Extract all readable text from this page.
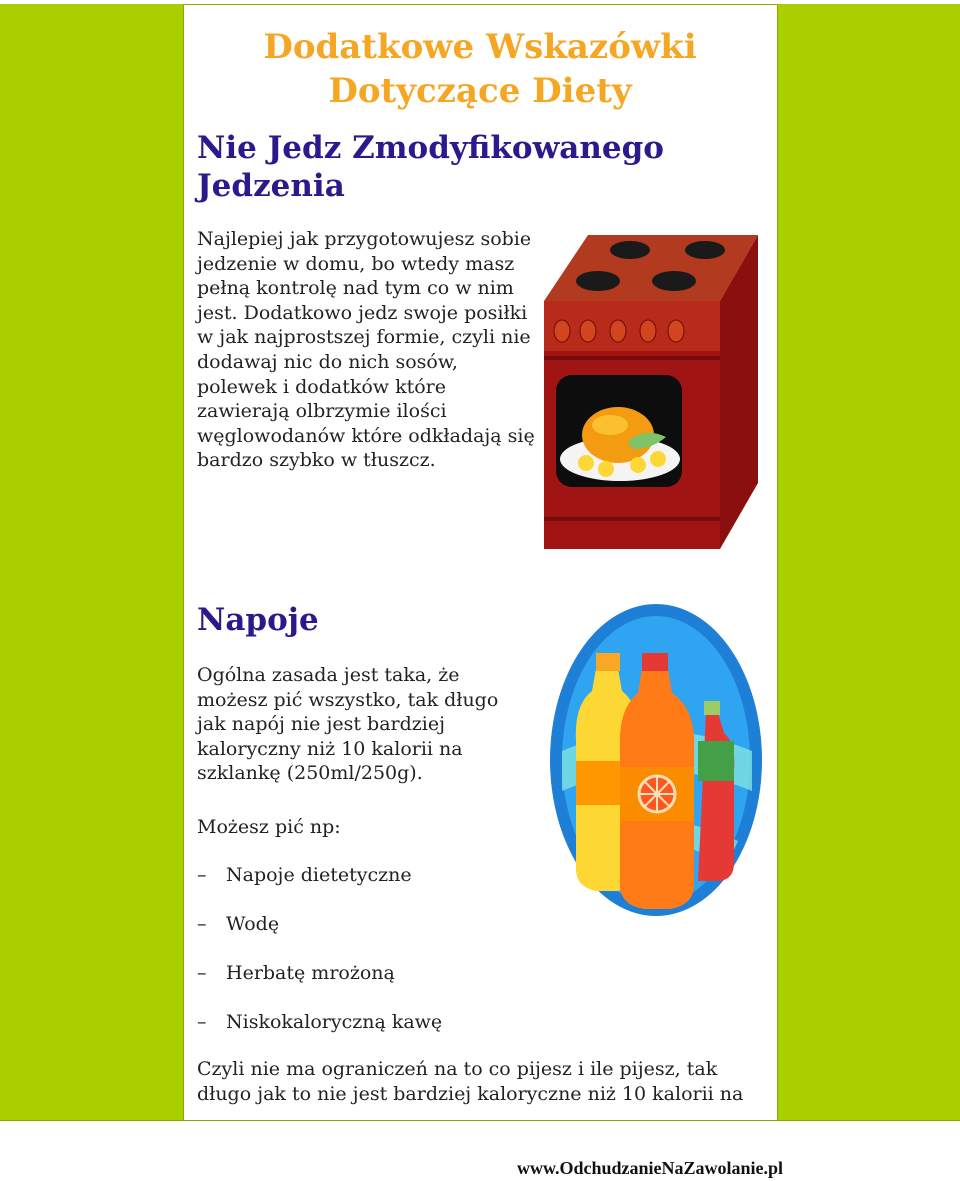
Dodatkowe Wskazówki Dotyczące Diety
Nie Jedz Zmodyfikowanego Jedzenia

Najlepiej jak przygotowujesz sobie jedzenie w domu, bo wtedy masz pełną kontrolę nad tym co w nim jest. Dodatkowo jedz swoje posiłki w jak najprostszej formie, czyli nie dodawaj nic do nich sosów, polewek i dodatków które zawierają olbrzymie ilości węglowodanów które odkładają się bardzo szybko w tłuszcz.

Napoje

Ogólna zasada jest taka, że możesz pić wszystko, tak długo jak napój nie jest bardziej kaloryczny niż 10 kalorii na szklankę (250ml/250g).

Możesz pić np:

–	Napoje dietetyczne
–	Wodę
–	Herbatę mrożoną
–	Niskokaloryczną kawę

Czyli nie ma ograniczeń na to co pijesz i ile pijesz, tak długo jak to nie jest bardziej kaloryczne niż 10 kalorii na

www.OdchudzanieNaZawolanie.pl
